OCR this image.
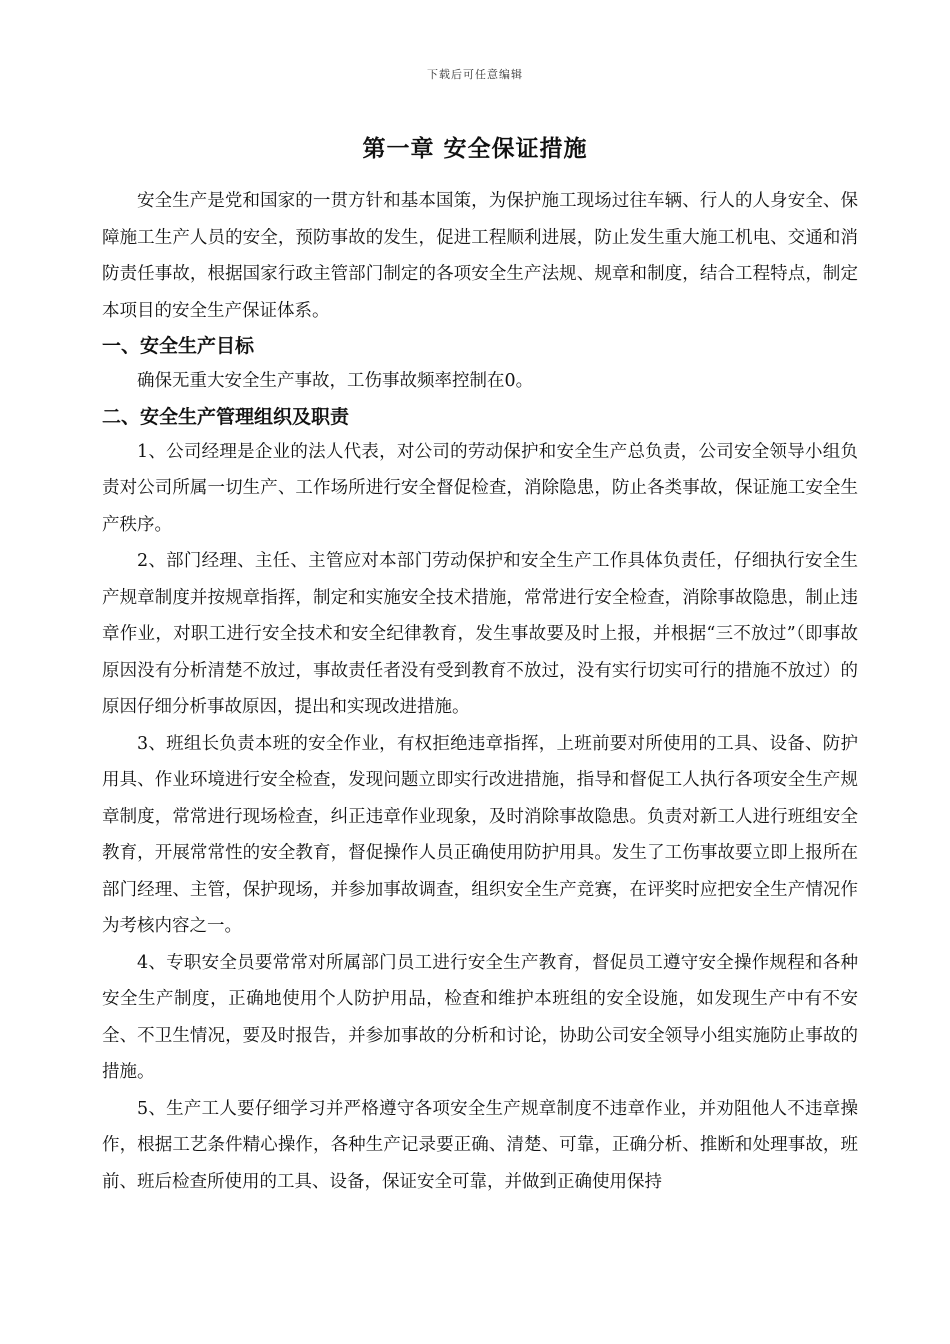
下载后可任意编辑
第一章 安全保证措施

安全生产是党和国家的一贯方针和基本国策，为保护施工现场过往车辆、行人的人身安全、保障施工生产人员的安全，预防事故的发生，促进工程顺利进展，防止发生重大施工机电、交通和消防责任事故，根据国家行政主管部门制定的各项安全生产法规、规章和制度，结合工程特点，制定本项目的安全生产保证体系。

一、安全生产目标

确保无重大安全生产事故，工伤事故频率控制在0。

二、安全生产管理组织及职责

1、公司经理是企业的法人代表，对公司的劳动保护和安全生产总负责，公司安全领导小组负责对公司所属一切生产、工作场所进行安全督促检查，消除隐患，防止各类事故，保证施工安全生产秩序。

2、部门经理、主任、主管应对本部门劳动保护和安全生产工作具体负责任，仔细执行安全生产规章制度并按规章指挥，制定和实施安全技术措施，常常进行安全检查，消除事故隐患，制止违章作业，对职工进行安全技术和安全纪律教育，发生事故要及时上报，并根据“三不放过”（即事故原因没有分析清楚不放过，事故责任者没有受到教育不放过，没有实行切实可行的措施不放过）的原因仔细分析事故原因，提出和实现改进措施。

3、班组长负责本班的安全作业，有权拒绝违章指挥，上班前要对所使用的工具、设备、防护用具、作业环境进行安全检查，发现问题立即实行改进措施，指导和督促工人执行各项安全生产规章制度，常常进行现场检查，纠正违章作业现象，及时消除事故隐患。负责对新工人进行班组安全教育，开展常常性的安全教育，督促操作人员正确使用防护用具。发生了工伤事故要立即上报所在部门经理、主管，保护现场，并参加事故调查，组织安全生产竞赛，在评奖时应把安全生产情况作为考核内容之一。

4、专职安全员要常常对所属部门员工进行安全生产教育，督促员工遵守安全操作规程和各种安全生产制度，正确地使用个人防护用品，检查和维护本班组的安全设施，如发现生产中有不安全、不卫生情况，要及时报告，并参加事故的分析和讨论，协助公司安全领导小组实施防止事故的措施。

5、生产工人要仔细学习并严格遵守各项安全生产规章制度不违章作业，并劝阻他人不违章操作，根据工艺条件精心操作，各种生产记录要正确、清楚、可靠，正确分析、推断和处理事故，班前、班后检查所使用的工具、设备，保证安全可靠，并做到正确使用保持
